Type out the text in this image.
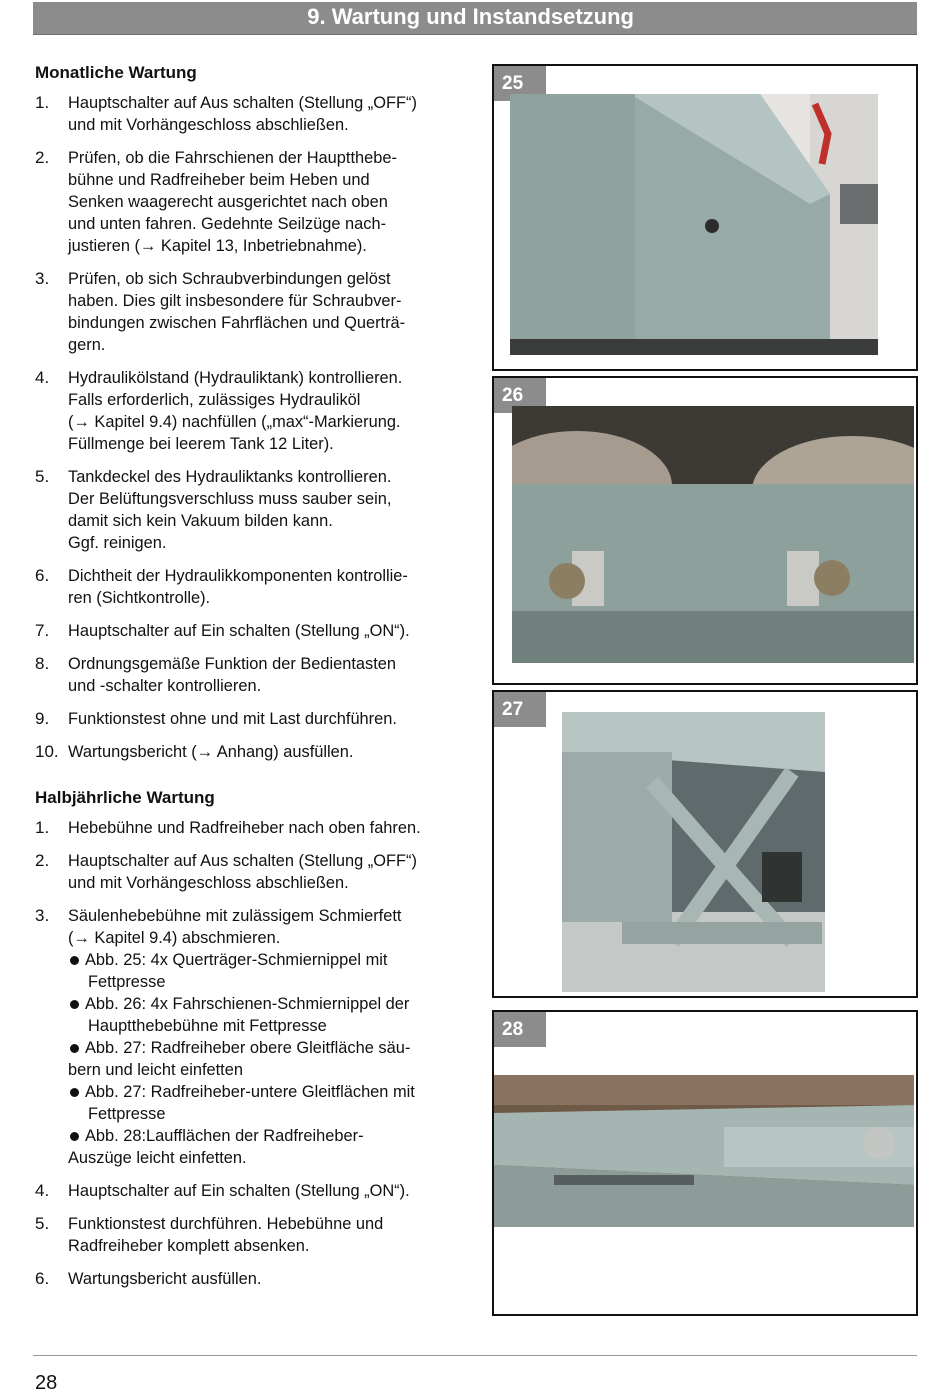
9. Wartung und Instandsetzung
Monatliche Wartung
1. Hauptschalter auf Aus schalten (Stellung „OFF“)
und mit Vorhängeschloss abschließen.
2. Prüfen, ob die Fahrschienen der Hauptthebe-
bühne und Radfreiheber beim Heben und
Senken waagerecht ausgerichtet nach oben
und unten fahren. Gedehnte Seilzüge nach-
justieren (→ Kapitel 13, Inbetriebnahme).
3. Prüfen, ob sich Schraubverbindungen gelöst
haben. Dies gilt insbesondere für Schraubver-
bindungen zwischen Fahrflächen und Querträ-
gern.
4. Hydraulikölstand (Hydrauliktank) kontrollieren.
Falls erforderlich, zulässiges Hydrauliköl
(→ Kapitel 9.4) nachfüllen („max“-Markierung.
Füllmenge bei leerem Tank 12 Liter).
5. Tankdeckel des Hydrauliktanks kontrollieren.
Der Belüftungsverschluss muss sauber sein,
damit sich kein Vakuum bilden kann.
Ggf. reinigen.
6. Dichtheit der Hydraulikkomponenten kontrollie-
ren (Sichtkontrolle).
7. Hauptschalter auf Ein schalten (Stellung „ON“).
8. Ordnungsgemäße Funktion der Bedientasten
und -schalter kontrollieren.
9. Funktionstest ohne und mit Last durchführen.
10. Wartungsbericht (→ Anhang) ausfüllen.
Halbjährliche Wartung
1. Hebebühne und Radfreiheber nach oben fahren.
2. Hauptschalter auf Aus schalten (Stellung „OFF“)
und mit Vorhängeschloss abschließen.
3. Säulenhebebühne mit zulässigem Schmierfett
(→ Kapitel 9.4) abschmieren.
Abb. 25: 4x Querträger-Schmiernippel mit
Fettpresse
Abb. 26: 4x Fahrschienen-Schmiernippel der
Hauptthebebühne mit Fettpresse
Abb. 27: Radfreiheber obere Gleitfläche säu-
bern und leicht einfetten
Abb. 27: Radfreiheber-untere Gleitflächen mit
Fettpresse
Abb. 28:Laufflächen der Radfreiheber-
Auszüge leicht einfetten.
4. Hauptschalter auf Ein schalten (Stellung „ON“).
5. Funktionstest durchführen. Hebebühne und
Radfreiheber komplett absenken.
6. Wartungsbericht ausfüllen.
25
26
27
28
28
